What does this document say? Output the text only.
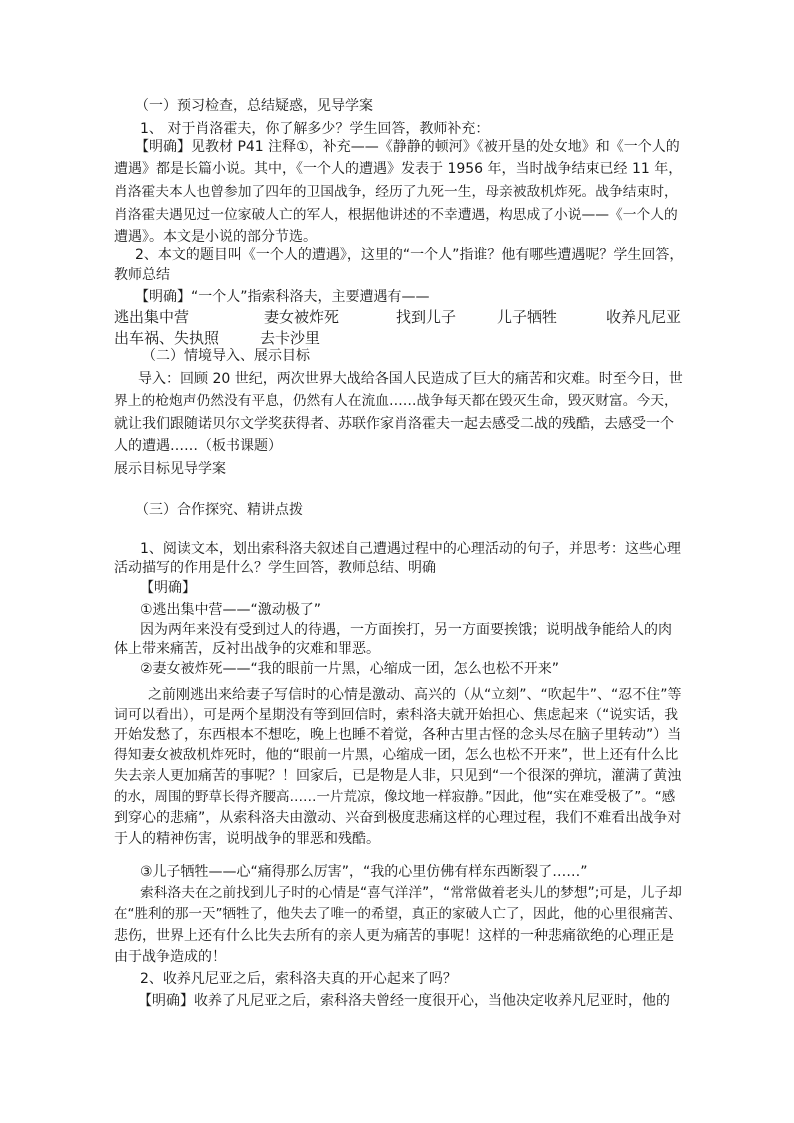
（一）预习检查，总结疑惑，见导学案
1、 对于肖洛霍夫，你了解多少？学生回答，教师补充：
【明确】见教材 P41 注释①，补充——《静静的顿河》《被开垦的处女地》和《一个人的
遭遇》都是长篇小说。其中，《一个人的遭遇》发表于 1956 年，当时战争结束已经 11 年，
肖洛霍夫本人也曾参加了四年的卫国战争，经历了九死一生，母亲被敌机炸死。战争结束时，
肖洛霍夫遇见过一位家破人亡的军人，根据他讲述的不幸遭遇，构思成了小说——《一个人的
遭遇》。本文是小说的部分节选。
2、本文的题目叫《一个人的遭遇》，这里的“一个人”指谁？他有哪些遭遇呢？学生回答，
教师总结
【明确】“一个人”指索科洛夫，主要遭遇有——
逃出集中营	妻女被炸死	找到儿子	儿子牺牲	收养凡尼亚
出车祸、失执照	去卡沙里
（二）情境导入、展示目标
导入：回顾 20 世纪，两次世界大战给各国人民造成了巨大的痛苦和灾难。时至今日，世
界上的枪炮声仍然没有平息，仍然有人在流血……战争每天都在毁灭生命，毁灭财富。今天，
就让我们跟随诺贝尔文学奖获得者、苏联作家肖洛霍夫一起去感受二战的残酷，去感受一个
人的遭遇……（板书课题）
展示目标见导学案
（三）合作探究、精讲点拨
1、阅读文本，划出索科洛夫叙述自己遭遇过程中的心理活动的句子，并思考：这些心理
活动描写的作用是什么？学生回答，教师总结、明确
【明确】
①逃出集中营——“激动极了”
因为两年来没有受到过人的待遇，一方面挨打，另一方面要挨饿；说明战争能给人的肉
体上带来痛苦，反衬出战争的灾难和罪恶。
②妻女被炸死——“我的眼前一片黑，心缩成一团，怎么也松不开来”
之前刚逃出来给妻子写信时的心情是激动、高兴的（从“立刻”、“吹起牛”、“忍不住”等
词可以看出），可是两个星期没有等到回信时，索科洛夫就开始担心、焦虑起来（“说实话，我
开始发愁了，东西根本不想吃，晚上也睡不着觉，各种古里古怪的念头尽在脑子里转动”）当
得知妻女被敌机炸死时，他的“眼前一片黑，心缩成一团，怎么也松不开来”，世上还有什么比
失去亲人更加痛苦的事呢？！回家后，已是物是人非，只见到“一个很深的弹坑，灌满了黄浊
的水，周围的野草长得齐腰高……一片荒凉，像坟地一样寂静。”因此，他“实在难受极了”。“感
到穿心的悲痛”，从索科洛夫由激动、兴奋到极度悲痛这样的心理过程，我们不难看出战争对
于人的精神伤害，说明战争的罪恶和残酷。
③儿子牺牲——心“痛得那么厉害”，“我的心里仿佛有样东西断裂了……”
索科洛夫在之前找到儿子时的心情是“喜气洋洋”，“常常做着老头儿的梦想”;可是，儿子却
在“胜利的那一天”牺牲了，他失去了唯一的希望，真正的家破人亡了，因此，他的心里很痛苦、
悲伤，世界上还有什么比失去所有的亲人更为痛苦的事呢！这样的一种悲痛欲绝的心理正是
由于战争造成的！
2、收养凡尼亚之后，索科洛夫真的开心起来了吗？
【明确】收养了凡尼亚之后，索科洛夫曾经一度很开心，当他决定收养凡尼亚时，他的
